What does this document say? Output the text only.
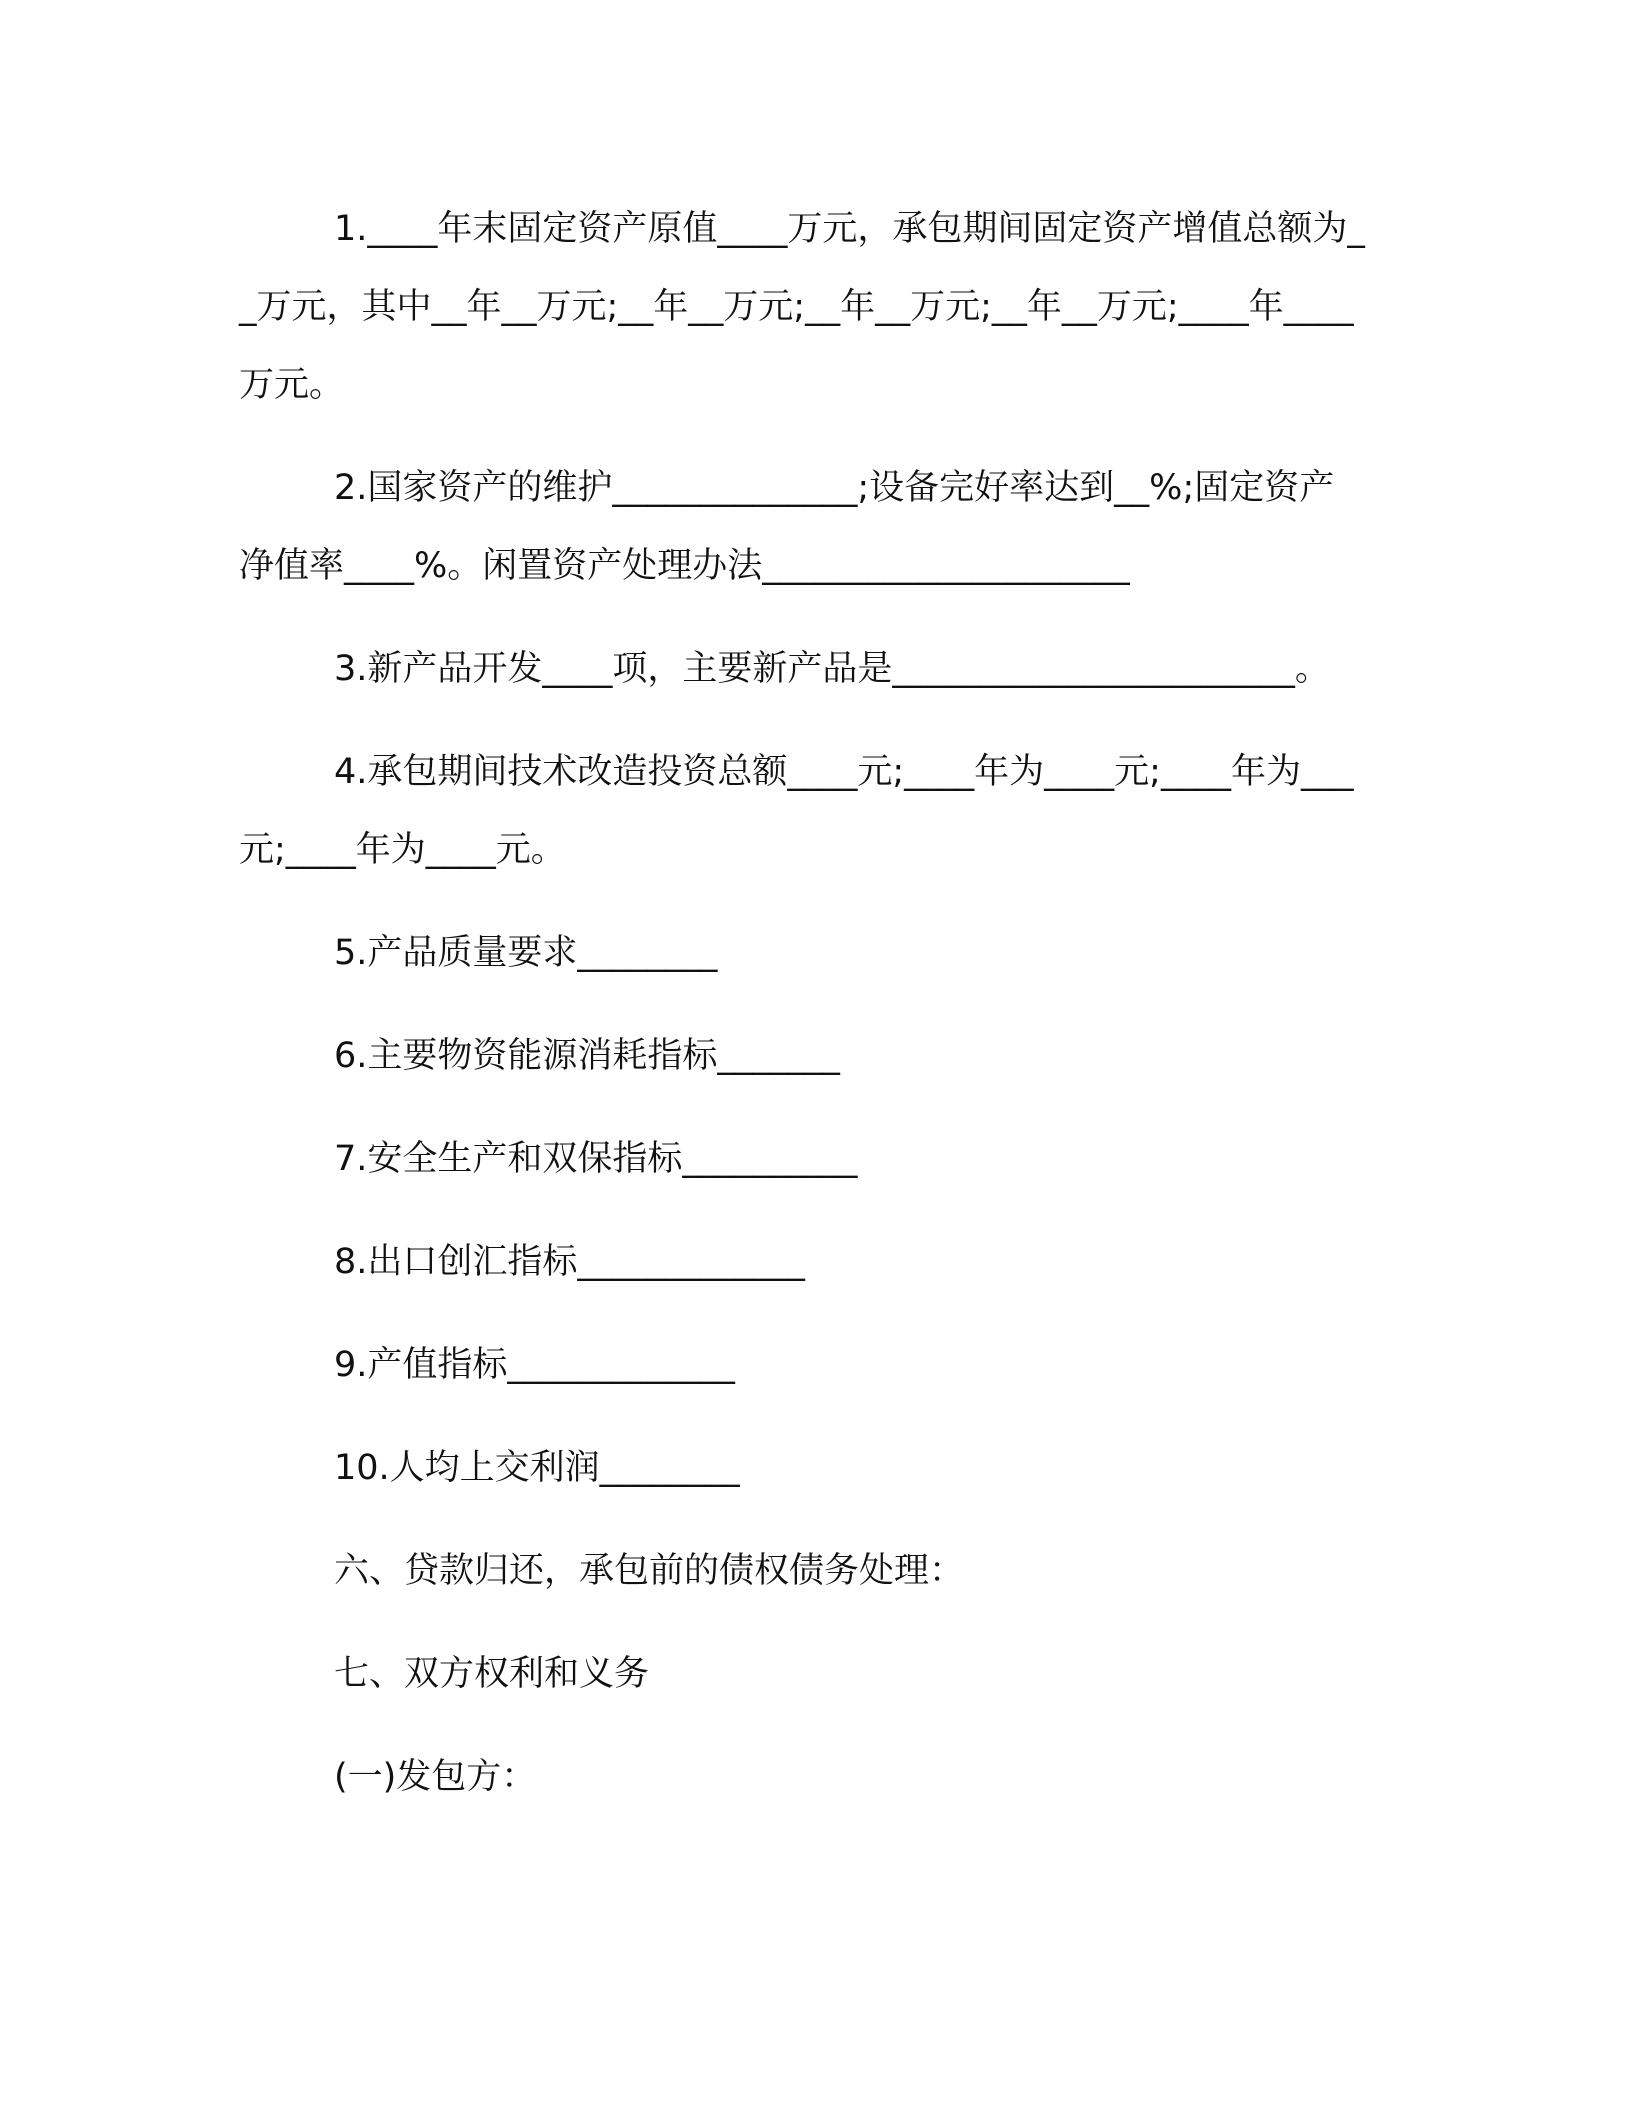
1.____年末固定资产原值____万元，承包期间固定资产增值总额为__万元，其中__年__万元;__年__万元;__年__万元;__年__万元;____年____万元。

2.国家资产的维护______________;设备完好率达到__%;固定资产净值率____%。闲置资产处理办法_____________________

3.新产品开发____项，主要新产品是_______________________。

4.承包期间技术改造投资总额____元;____年为____元;____年为___元;____年为____元。

5.产品质量要求________

6.主要物资能源消耗指标_______

7.安全生产和双保指标__________

8.出口创汇指标_____________

9.产值指标_____________

10.人均上交利润________

六、贷款归还，承包前的债权债务处理：

七、双方权利和义务

(一)发包方：
